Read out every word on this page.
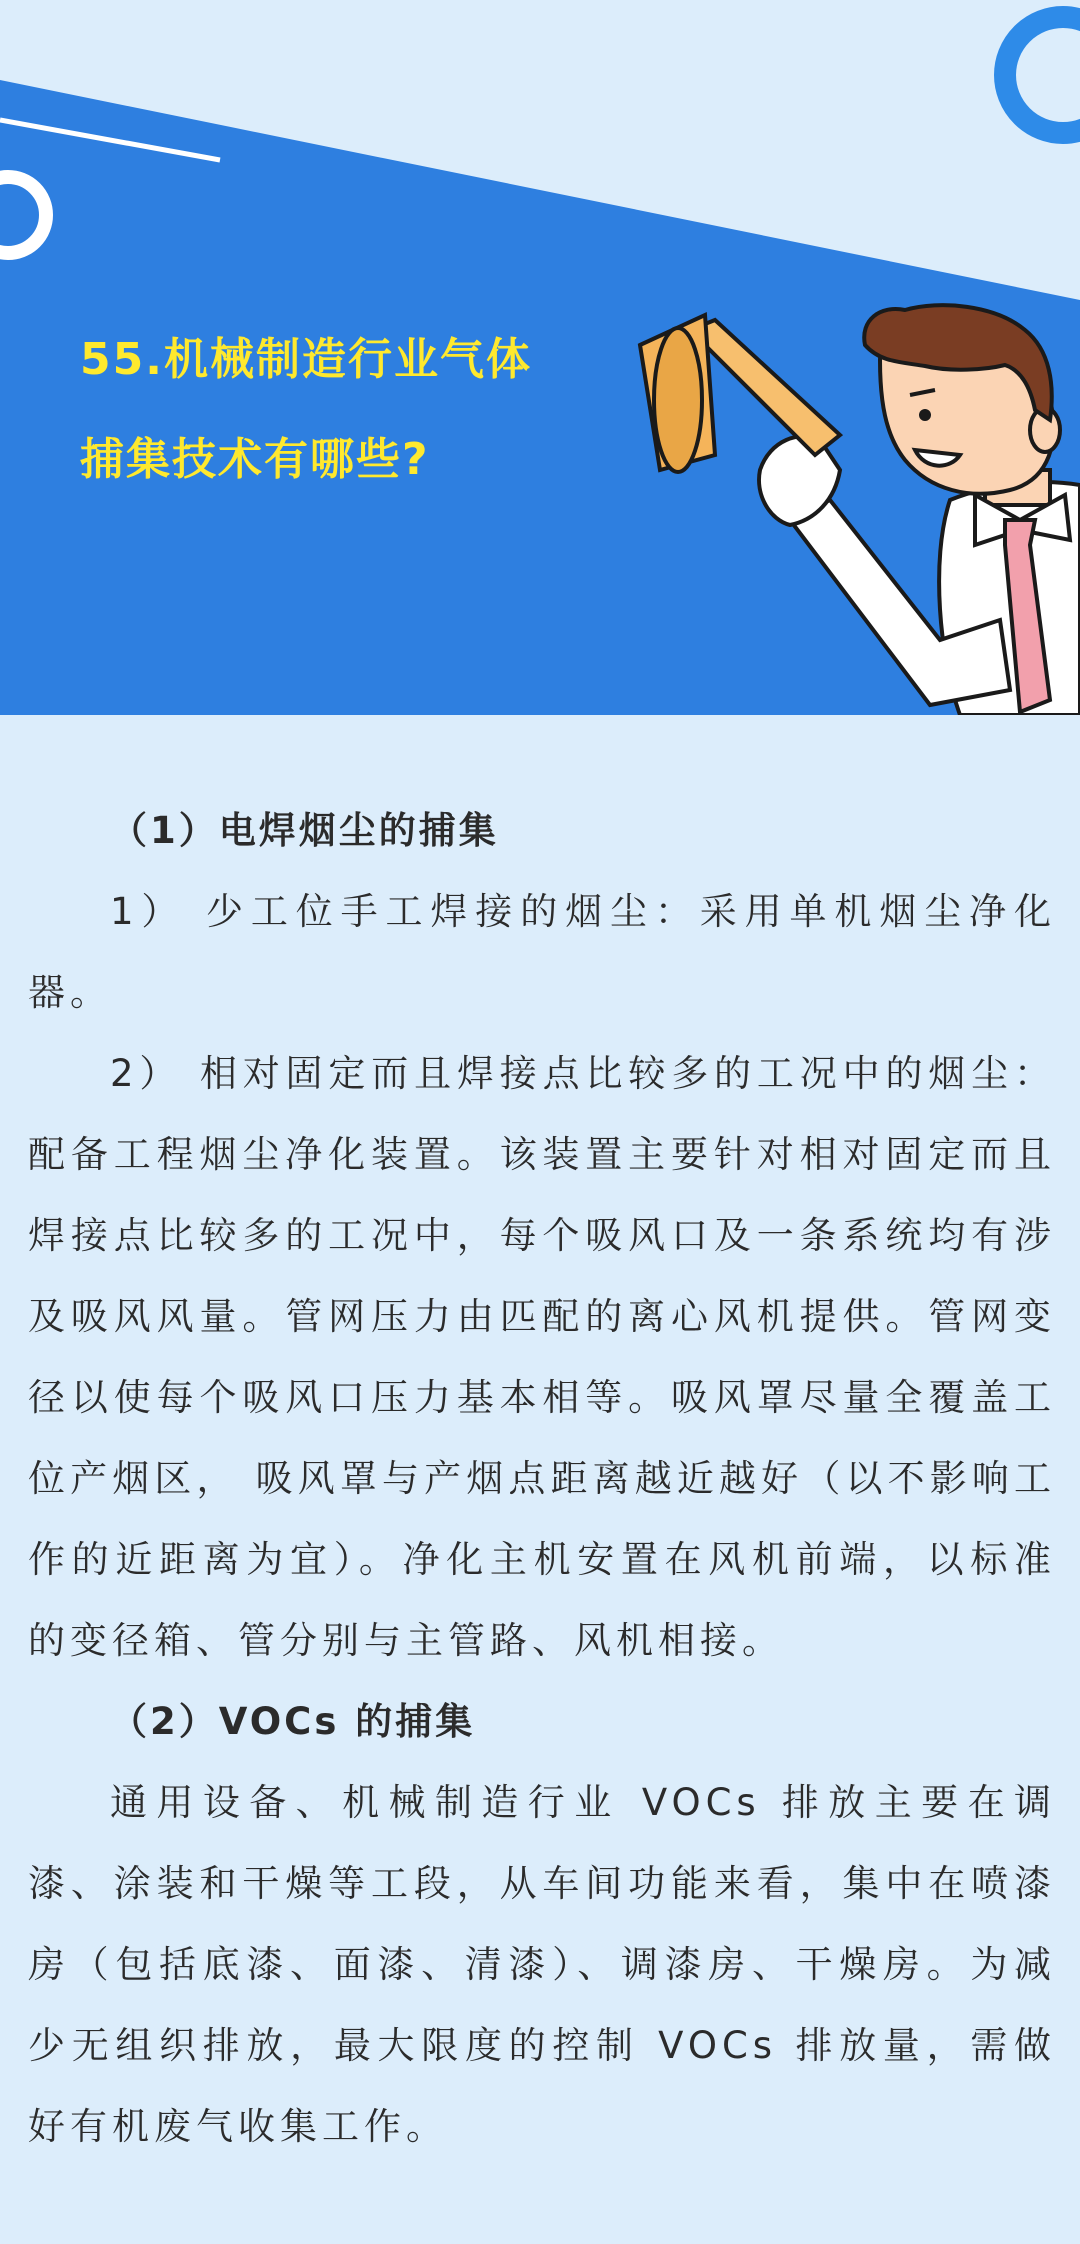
55.机械制造行业气体
捕集技术有哪些?

（1）电焊烟尘的捕集

1） 少工位手工焊接的烟尘：采用单机烟尘净化器。

2） 相对固定而且焊接点比较多的工况中的烟尘：配备工程烟尘净化装置。该装置主要针对相对固定而且焊接点比较多的工况中，每个吸风口及一条系统均有涉及吸风风量。管网压力由匹配的离心风机提供。管网变径以使每个吸风口压力基本相等。吸风罩尽量全覆盖工位产烟区， 吸风罩与产烟点距离越近越好（以不影响工作的近距离为宜）。净化主机安置在风机前端，以标准的变径箱、管分别与主管路、风机相接。

（2）VOCs 的捕集

通用设备、机械制造行业 VOCs 排放主要在调漆、涂装和干燥等工段，从车间功能来看，集中在喷漆房（包括底漆、面漆、清漆）、调漆房、干燥房。为减少无组织排放，最大限度的控制 VOCs 排放量，需做好有机废气收集工作。
